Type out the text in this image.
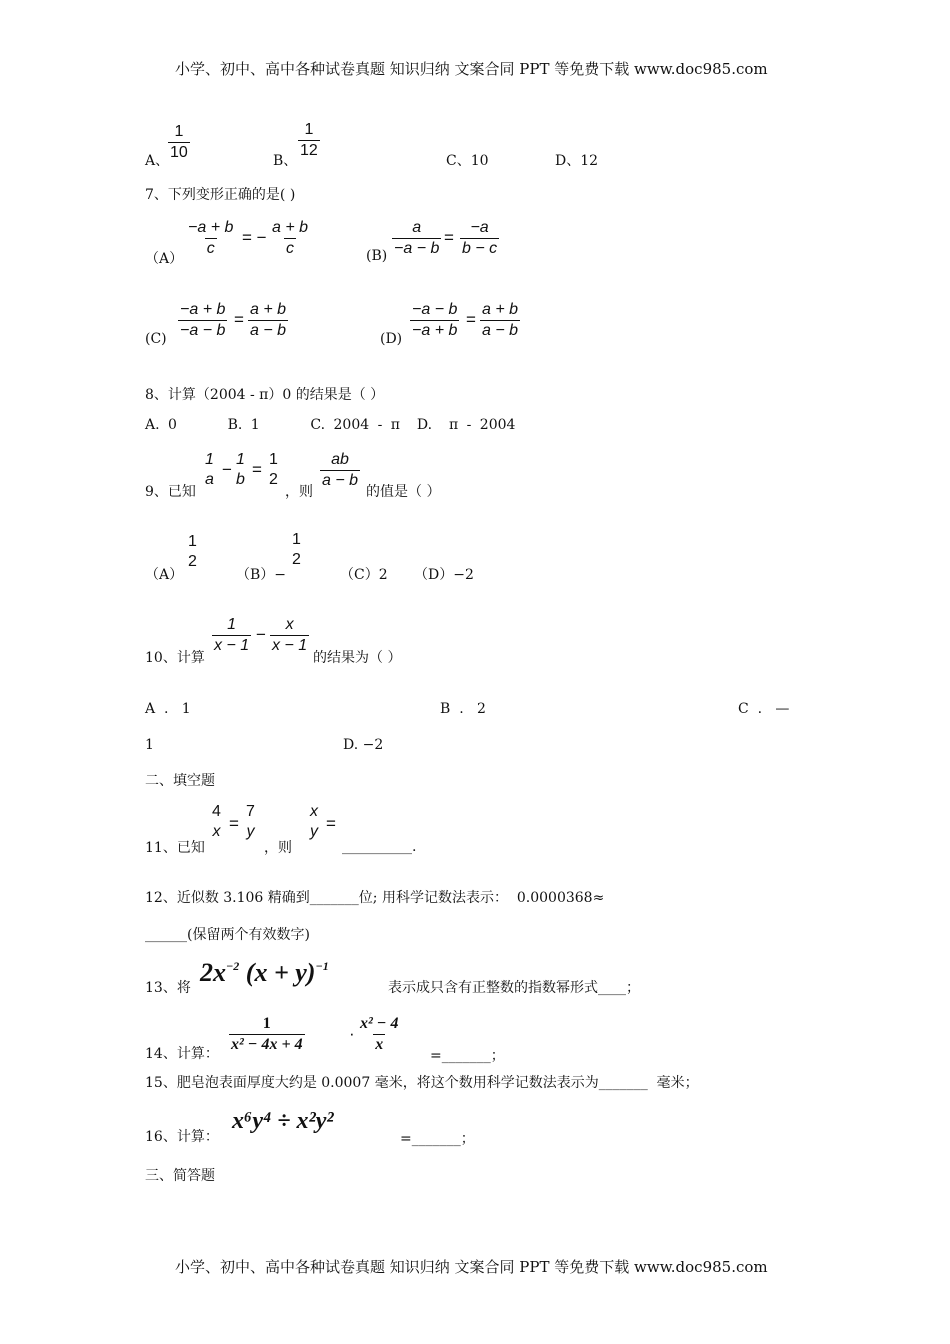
小学、初中、高中各种试卷真题 知识归纳 文案合同 PPT 等免费下载 www.doc985.com
小学、初中、高中各种试卷真题 知识归纳 文案合同 PPT 等免费下载 www.doc985.com
A、
$\frac{1}{10}$	B、 $\frac{1}{12}$	C、10	D、12
7、下列变形正确的是( )
$(A) \frac{-a + b}{c}$ = − $\frac{a + b}{c}$	$(B) \frac{a}{-a - b} = \frac{-a}{b - c}$
$(C) \frac{-a + b}{-a - b} = \frac{a + b}{a - b}$	$(D) \frac{-a - b}{-a + b} = \frac{a + b}{a - b}$
8、计算（2004 - π）0 的结果是（ ）
A. 0      B. 1      C. 2004 - π  D.  π - 2004
9、已知
1
a
−
1
b
=
1
2
，则
$\frac{ab}{a - b}$
的值是（ ）
（A）
1
2
（B）−
1
2
（C）2 （D）−2
10、计算
$\frac{1}{x - 1} - \frac{x}{x - 1}$
的结果为（ ）
A  .   1	B  .   2	C  .   —
1	D. −2
二、填空题
11、已知
4
x =
7
y
，则
x
y =
__________.
12、近似数 3.106 精确到_______位; 用科学记数法表示：  0.0000368≈
______(保留两个有效数字)
13、将
$2x^{-2}$ $(x + y)^{-1}$
表示成只含有正整数的指数幂形式____；
14、计算： $\frac{1}{\text{x² − 4x + 4}}$	· $\frac{\text{x² − 4}}{x}$
=_______；
15、肥皂泡表面厚度大约是 0.0007 毫米，将这个数用科学记数法表示为_______  毫米；
16、计算：
x⁶y⁴ ÷ x²y²
=_______；
三、简答题
